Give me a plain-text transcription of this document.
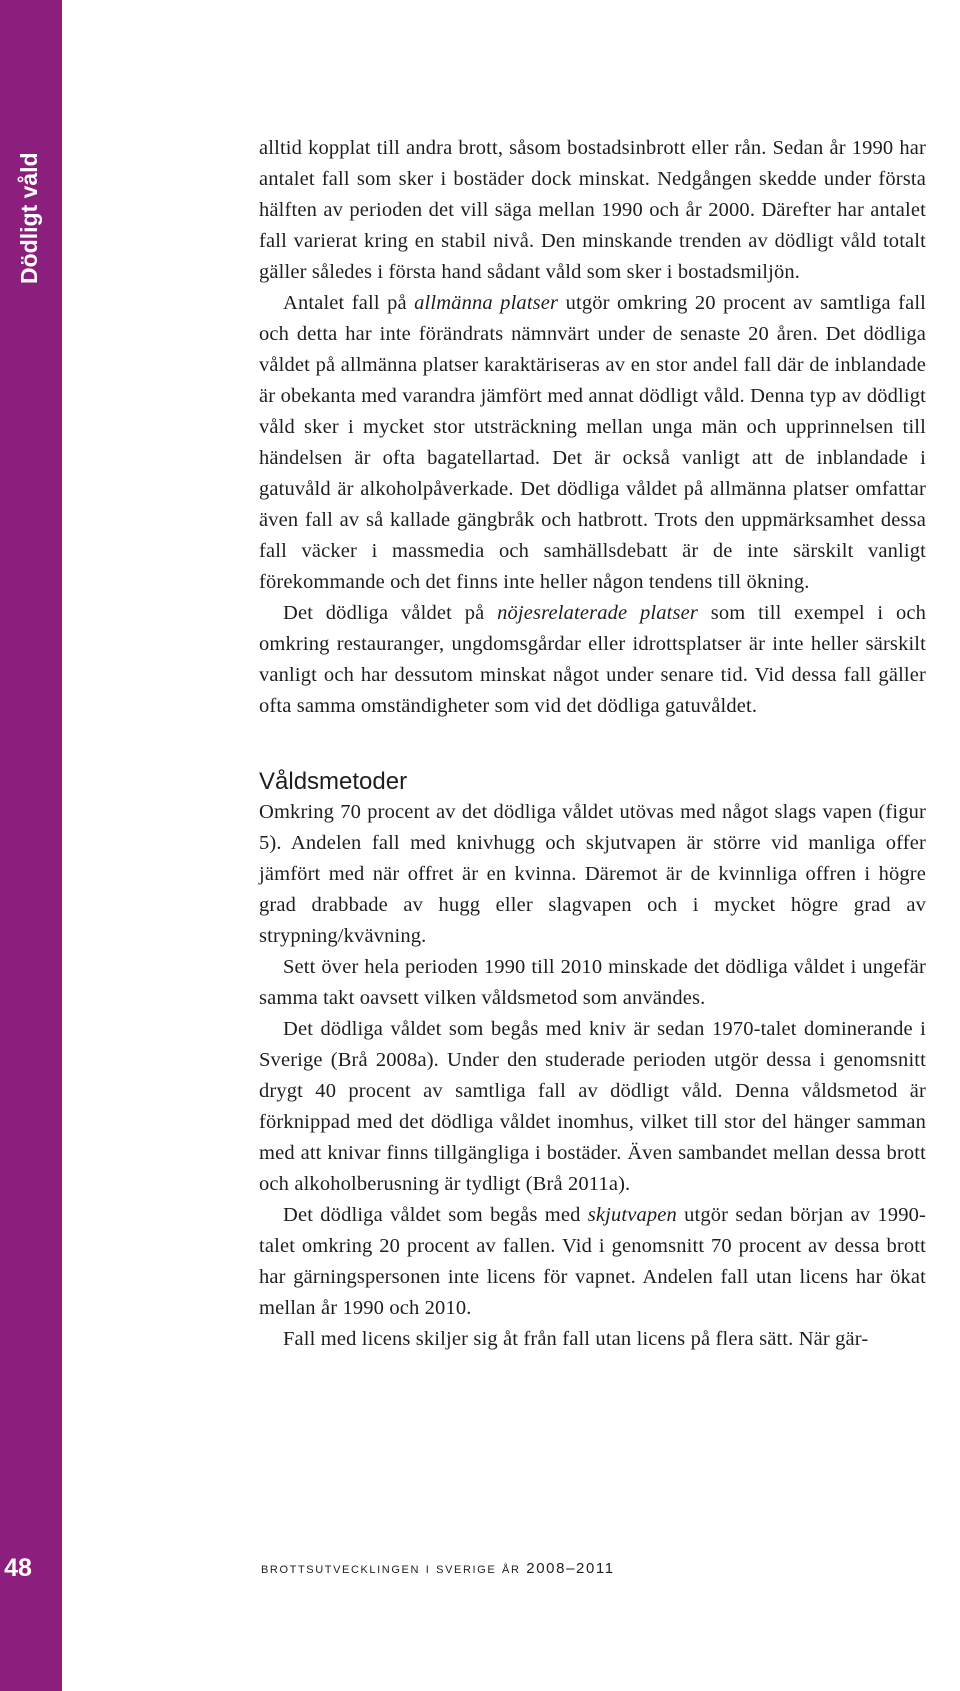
Dödligt våld
48

alltid kopplat till andra brott, såsom bostadsinbrott eller rån. Sedan år 1990 har antalet fall som sker i bostäder dock minskat. Nedgången skedde under första hälften av perioden det vill säga mellan 1990 och år 2000. Därefter har antalet fall varierat kring en stabil nivå. Den minskande trenden av dödligt våld totalt gäller således i första hand sådant våld som sker i bostadsmiljön.

Antalet fall på allmänna platser utgör omkring 20 procent av samtliga fall och detta har inte förändrats nämnvärt under de senaste 20 åren. Det dödliga våldet på allmänna platser karaktäriseras av en stor andel fall där de inblandade är obekanta med varandra jämfört med annat dödligt våld. Denna typ av dödligt våld sker i mycket stor utsträckning mellan unga män och upprinnelsen till händelsen är ofta bagatellartad. Det är också vanligt att de inblandade i gatuvåld är alkoholpåverkade. Det dödliga våldet på allmänna platser omfattar även fall av så kallade gängbråk och hatbrott. Trots den uppmärksamhet dessa fall väcker i massmedia och samhällsdebatt är de inte särskilt vanligt förekommande och det finns inte heller någon tendens till ökning.

Det dödliga våldet på nöjesrelaterade platser som till exempel i och omkring restauranger, ungdomsgårdar eller idrottsplatser är inte heller särskilt vanligt och har dessutom minskat något under senare tid. Vid dessa fall gäller ofta samma omständigheter som vid det dödliga gatuvåldet.

Våldsmetoder

Omkring 70 procent av det dödliga våldet utövas med något slags vapen (figur 5). Andelen fall med knivhugg och skjutvapen är större vid manliga offer jämfört med när offret är en kvinna. Däremot är de kvinnliga offren i högre grad drabbade av hugg eller slagvapen och i mycket högre grad av strypning/kvävning.

Sett över hela perioden 1990 till 2010 minskade det dödliga våldet i ungefär samma takt oavsett vilken våldsmetod som användes.

Det dödliga våldet som begås med kniv är sedan 1970-talet dominerande i Sverige (Brå 2008a). Under den studerade perioden utgör dessa i genomsnitt drygt 40 procent av samtliga fall av dödligt våld. Denna våldsmetod är förknippad med det dödliga våldet inomhus, vilket till stor del hänger samman med att knivar finns tillgängliga i bostäder. Även sambandet mellan dessa brott och alkoholberusning är tydligt (Brå 2011a).

Det dödliga våldet som begås med skjutvapen utgör sedan början av 1990-talet omkring 20 procent av fallen. Vid i genomsnitt 70 procent av dessa brott har gärningspersonen inte licens för vapnet. Andelen fall utan licens har ökat mellan år 1990 och 2010.

Fall med licens skiljer sig åt från fall utan licens på flera sätt. När gär-

brottsutvecklingen i sverige år 2008–2011
